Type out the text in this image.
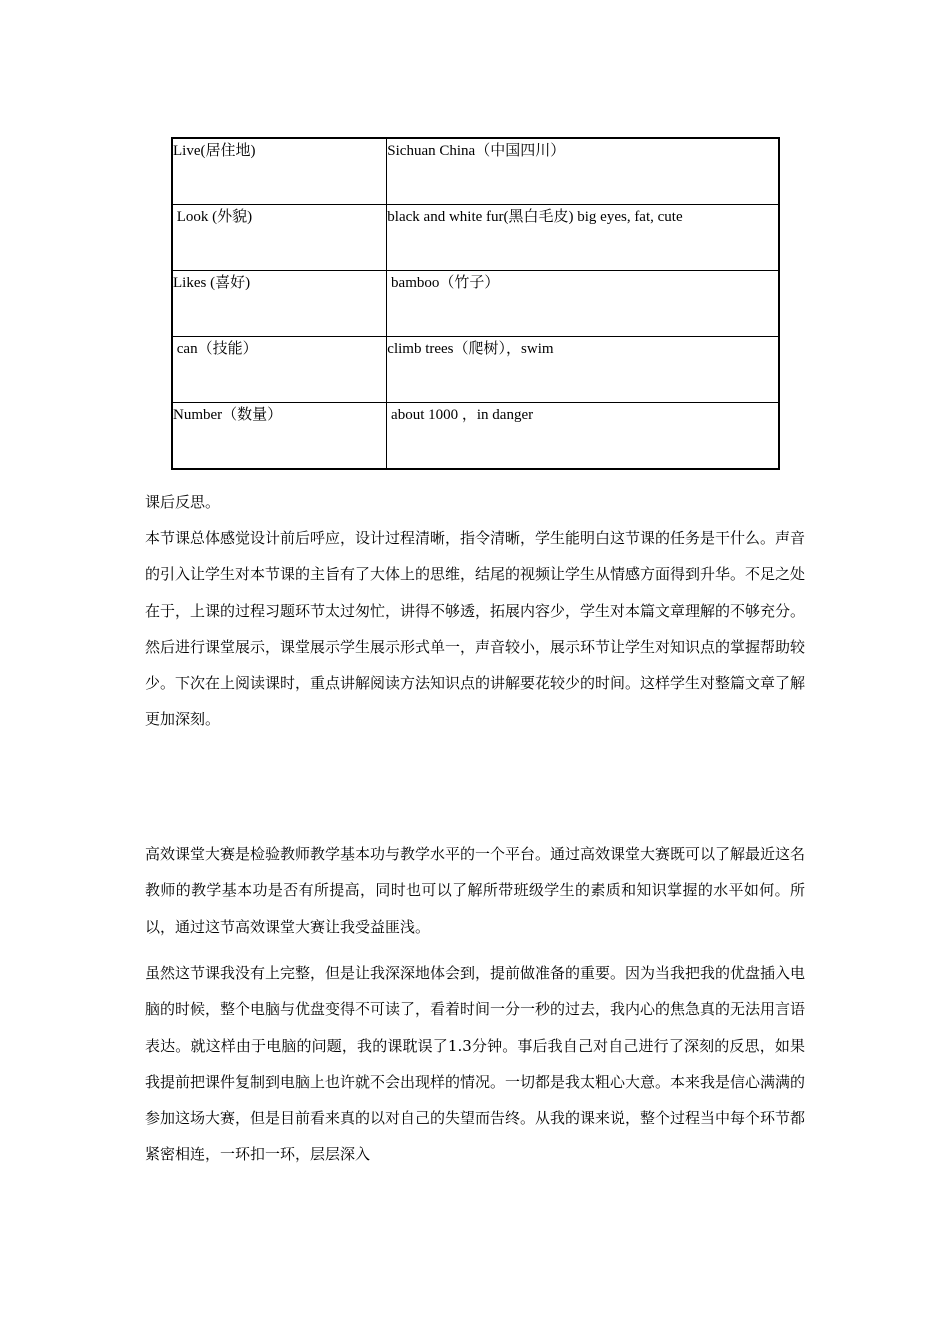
Live(居住地)	Sichuan China（中国四川）
Look (外貌)	black and white fur(黑白毛皮) big eyes, fat, cute
Likes (喜好)	bamboo（竹子）
can（技能）	climb trees（爬树），swim
Number（数量）	about 1000 ，in danger
课后反思。
本节课总体感觉设计前后呼应，设计过程清晰，指令清晰，学生能明白这节课的任务是干什么。声音的引入让学生对本节课的主旨有了大体上的思维，结尾的视频让学生从情感方面得到升华。不足之处在于，上课的过程习题环节太过匆忙，讲得不够透，拓展内容少，学生对本篇文章理解的不够充分。然后进行课堂展示，课堂展示学生展示形式单一，声音较小，展示环节让学生对知识点的掌握帮助较少。下次在上阅读课时，重点讲解阅读方法知识点的讲解要花较少的时间。这样学生对整篇文章了解更加深刻。
高效课堂大赛是检验教师教学基本功与教学水平的一个平台。通过高效课堂大赛既可以了解最近这名教师的教学基本功是否有所提高，同时也可以了解所带班级学生的素质和知识掌握的水平如何。所以，通过这节高效课堂大赛让我受益匪浅。
虽然这节课我没有上完整，但是让我深深地体会到，提前做准备的重要。因为当我把我的优盘插入电脑的时候，整个电脑与优盘变得不可读了，看着时间一分一秒的过去，我内心的焦急真的无法用言语表达。就这样由于电脑的问题，我的课耽误了1.3分钟。事后我自己对自己进行了深刻的反思，如果我提前把课件复制到电脑上也许就不会出现样的情况。一切都是我太粗心大意。本来我是信心满满的参加这场大赛，但是目前看来真的以对自己的失望而告终。从我的课来说，整个过程当中每个环节都紧密相连，一环扣一环，层层深入
